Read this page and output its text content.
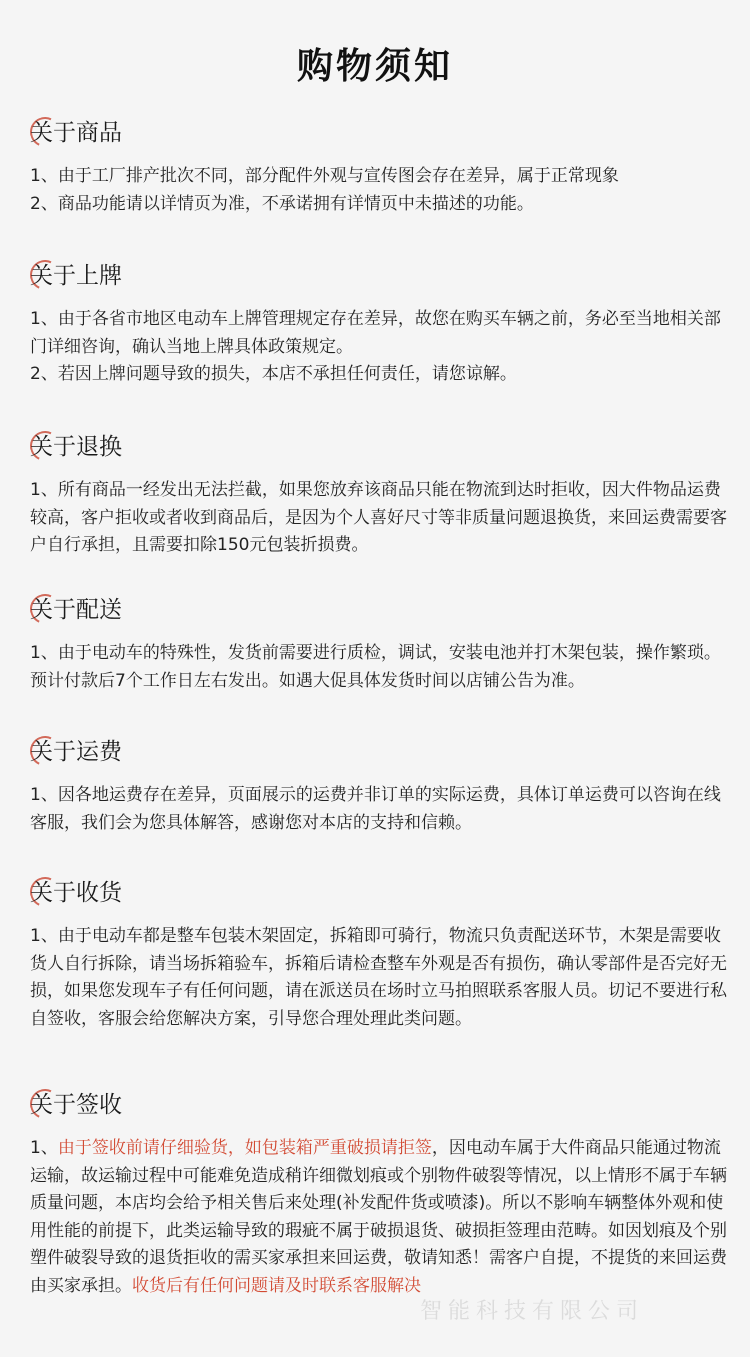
购物须知
关于商品

1、由于工厂排产批次不同，部分配件外观与宣传图会存在差异，属于正常现象

2、商品功能请以详情页为准，不承诺拥有详情页中未描述的功能。

关于上牌

1、由于各省市地区电动车上牌管理规定存在差异，故您在购买车辆之前，务必至当地相关部门详细咨询，确认当地上牌具体政策规定。

2、若因上牌问题导致的损失，本店不承担任何责任，请您谅解。

关于退换

1、所有商品一经发出无法拦截，如果您放弃该商品只能在物流到达时拒收，因大件物品运费较高，客户拒收或者收到商品后，是因为个人喜好尺寸等非质量问题退换货，来回运费需要客户自行承担，且需要扣除150元包装折损费。

关于配送

1、由于电动车的特殊性，发货前需要进行质检，调试，安装电池并打木架包装，操作繁琐。预计付款后7个工作日左右发出。如遇大促具体发货时间以店铺公告为准。

关于运费

1、因各地运费存在差异，页面展示的运费并非订单的实际运费，具体订单运费可以咨询在线客服，我们会为您具体解答，感谢您对本店的支持和信赖。

关于收货

1、由于电动车都是整车包装木架固定，拆箱即可骑行，物流只负责配送环节，木架是需要收货人自行拆除，请当场拆箱验车，拆箱后请检查整车外观是否有损伤，确认零部件是否完好无损，如果您发现车子有任何问题，请在派送员在场时立马拍照联系客服人员。切记不要进行私自签收，客服会给您解决方案，引导您合理处理此类问题。

关于签收

1、由于签收前请仔细验货，如包装箱严重破损请拒签，因电动车属于大件商品只能通过物流运输，故运输过程中可能难免造成稍许细微划痕或个别物件破裂等情况，以上情形不属于车辆质量问题，本店均会给予相关售后来处理(补发配件货或喷漆)。所以不影响车辆整体外观和使用性能的前提下，此类运输导致的瑕疵不属于破损退货、破损拒签理由范畴。如因划痕及个别塑件破裂导致的退货拒收的需买家承担来回运费，敬请知悉！需客户自提，不提货的来回运费由买家承担。收货后有任何问题请及时联系客服解决

智能科技有限公司
